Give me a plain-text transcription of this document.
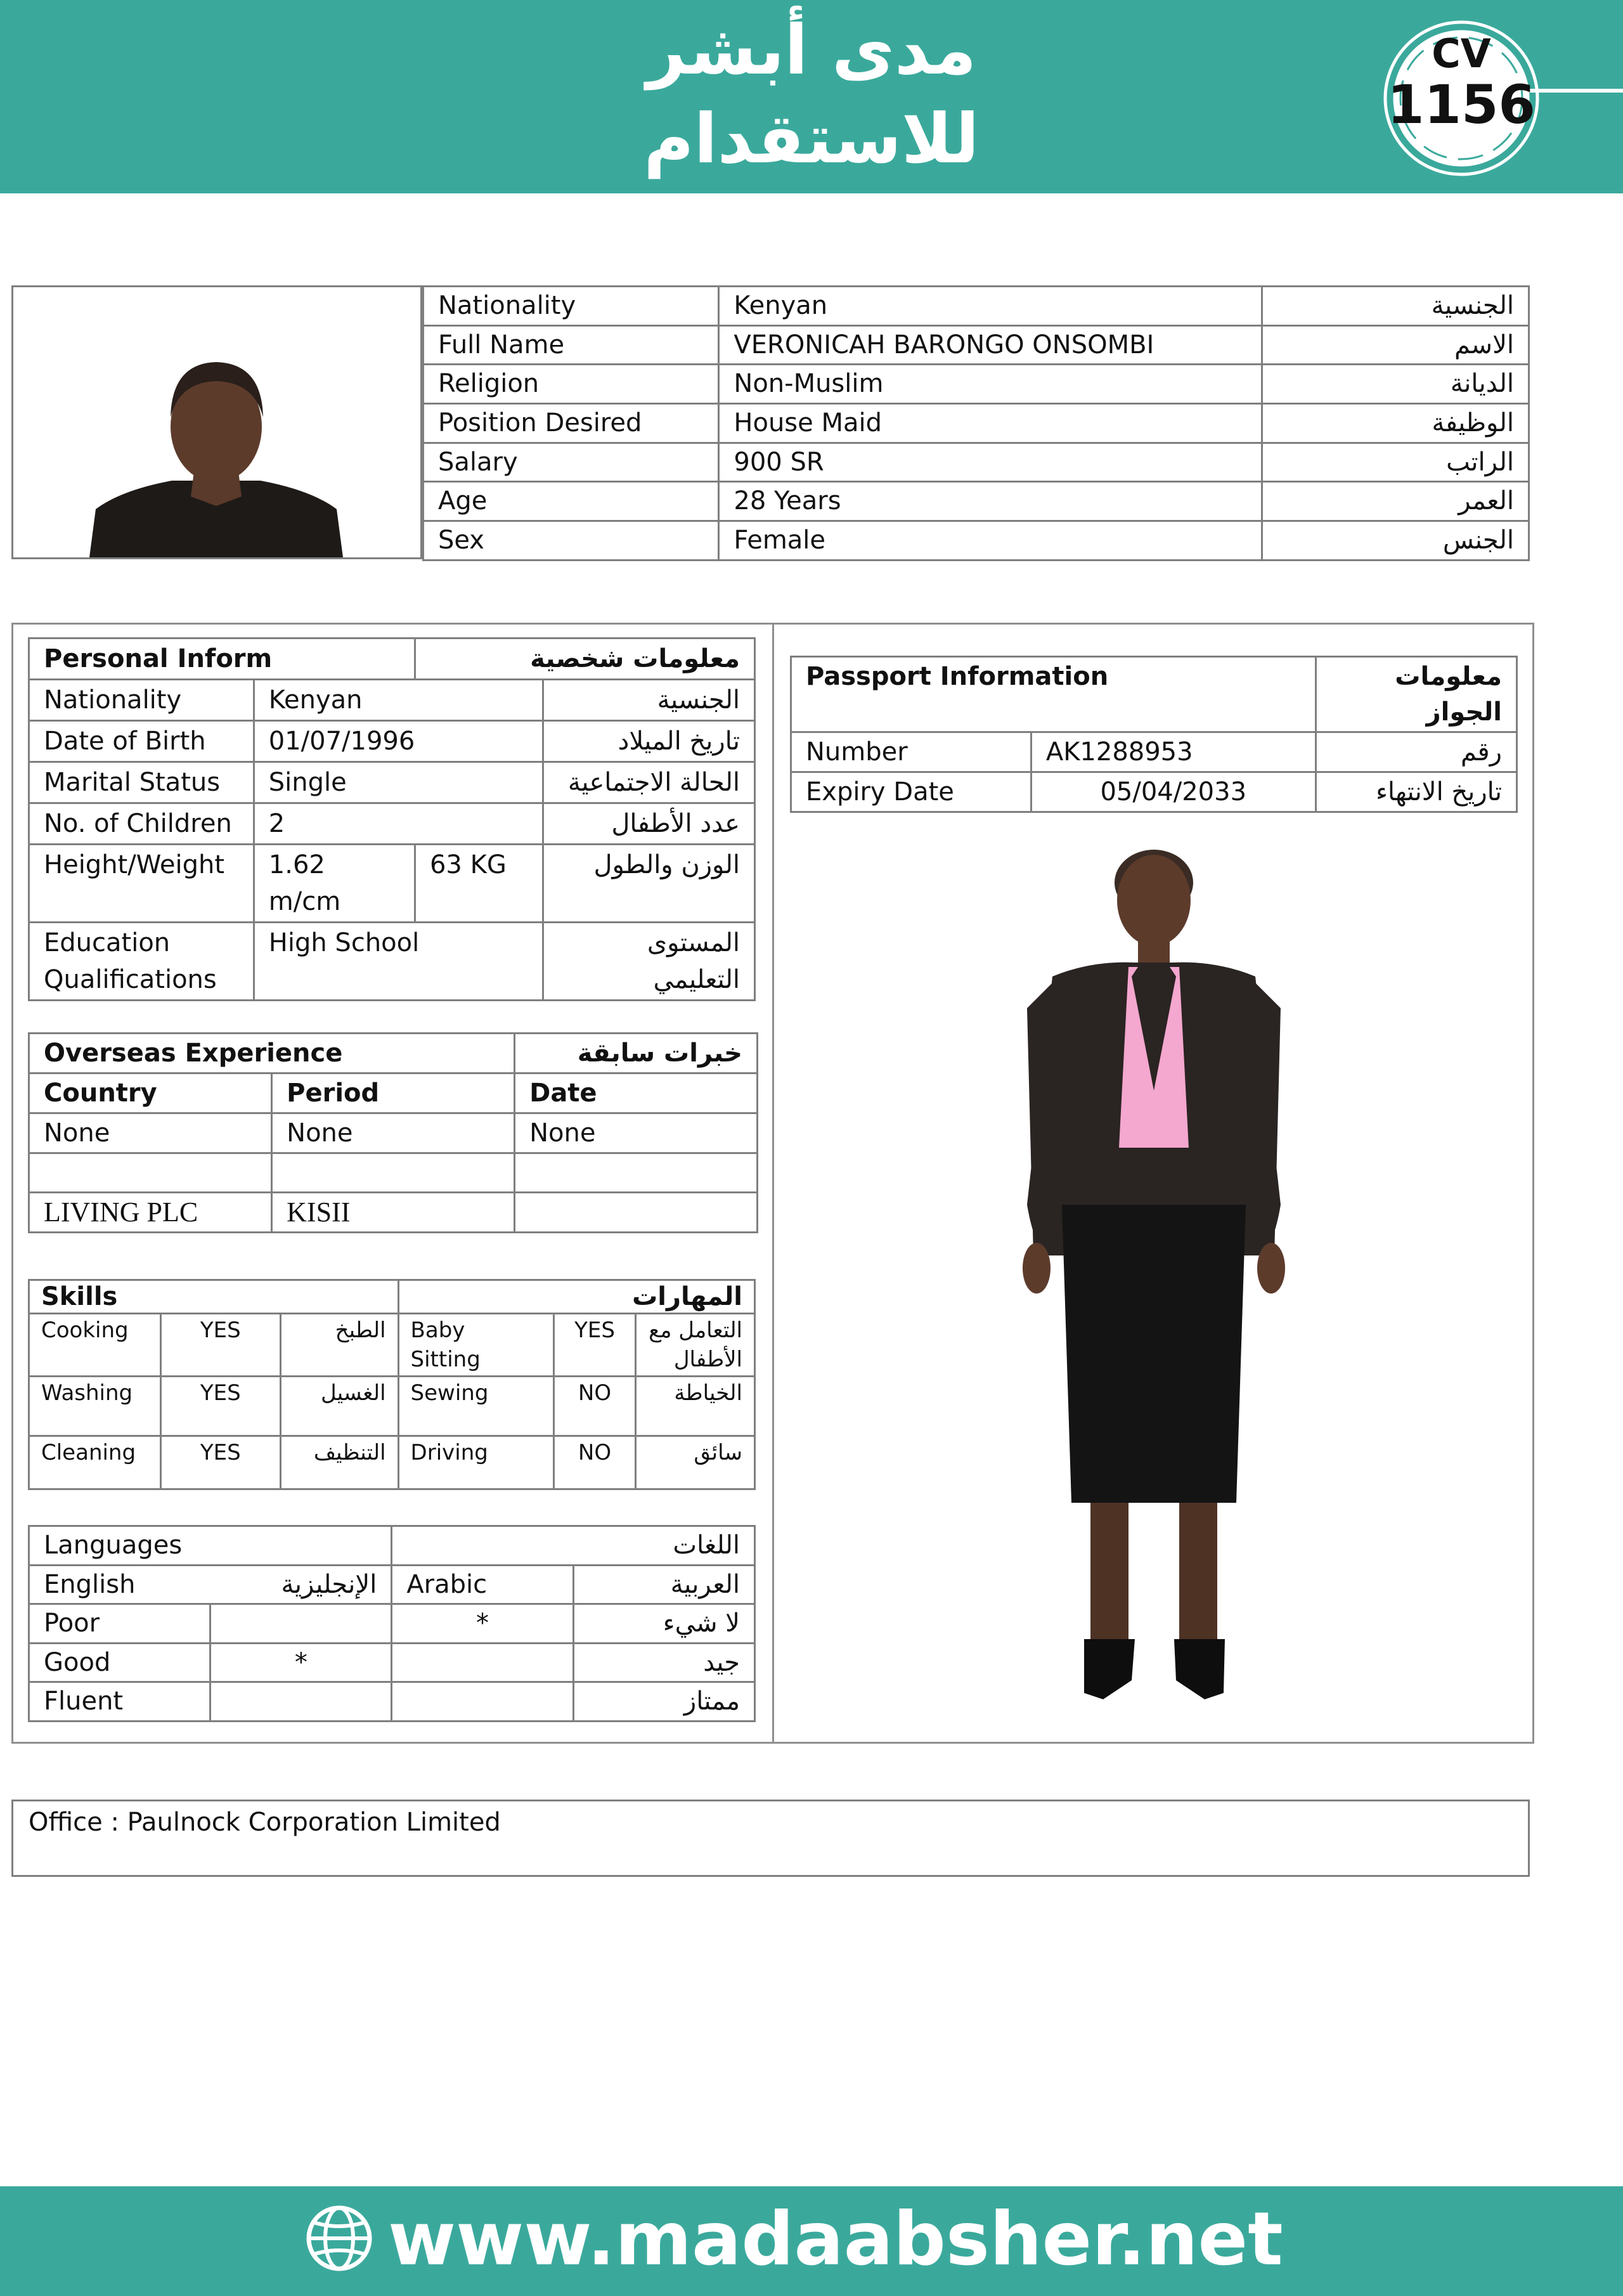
مدى أبشر
للاستقدام
CV
1156
Nationality	Kenyan	الجنسية
Full Name	VERONICAH BARONGO ONSOMBI	الاسم
Religion	Non-Muslim	الديانة
Position Desired	House Maid	الوظيفة
Salary	900 SR	الراتب
Age	28 Years	العمر
Sex	Female	الجنس
Personal Inform		معلومات شخصية	
Nationality	Kenyan		الجنسية
Date of Birth	01/07/1996		تاريخ الميلاد
Marital Status	Single		الحالة الاجتماعية
No. of Children	2		عدد الأطفال
Height/Weight	1.62 m/cm	63 KG	الوزن والطول
Education Qualifications	High School		المستوى التعليمي
Overseas Experience		خبرات سابقة
Country	Period	Date
None	None	None

LIVING PLC	KISII	
Skills			المهارات		
Cooking	YES	الطبخ	Baby Sitting	YES	التعامل مع الأطفال
Washing	YES	الغسيل	Sewing	NO	الخياطة
Cleaning	YES	التنظيف	Driving	NO	سائق
Languages		اللغات	
English الإنجليزية		Arabic	العربية
Poor		*	لا شيء
Good	*		جيد
Fluent			ممتاز
Passport Information		معلومات الجواز
Number	AK1288953	رقم
Expiry Date	05/04/2033	تاريخ الانتهاء
Office : Paulnock Corporation Limited
www.madaabsher.net
